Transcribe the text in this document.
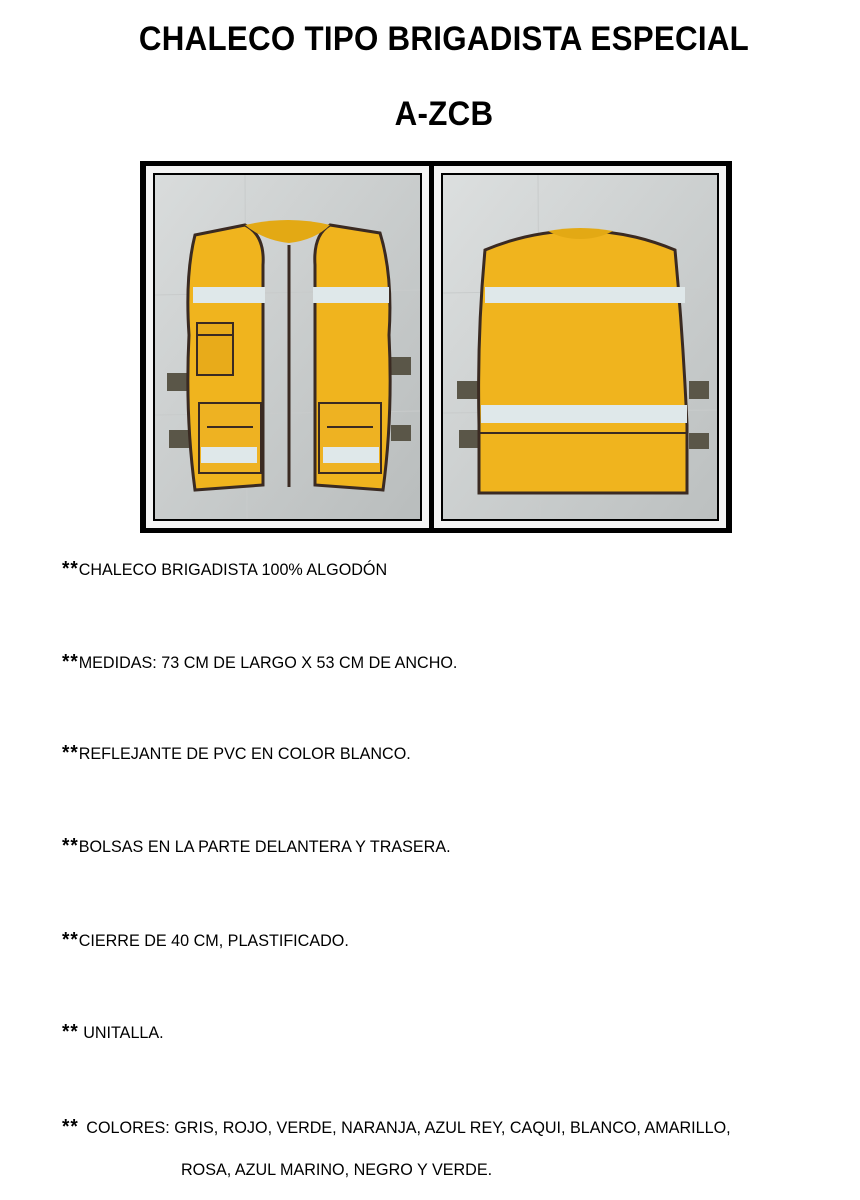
CHALECO TIPO BRIGADISTA ESPECIAL
A-ZCB
**CHALECO BRIGADISTA 100% ALGODÓN
**MEDIDAS: 73 CM DE LARGO X 53 CM DE ANCHO.
**REFLEJANTE DE PVC EN COLOR BLANCO.
**BOLSAS EN LA PARTE DELANTERA Y TRASERA.
**CIERRE DE 40 CM, PLASTIFICADO.
** UNITALLA.
** COLORES: GRIS, ROJO, VERDE, NARANJA, AZUL REY, CAQUI, BLANCO, AMARILLO,
ROSA, AZUL MARINO, NEGRO Y VERDE.
